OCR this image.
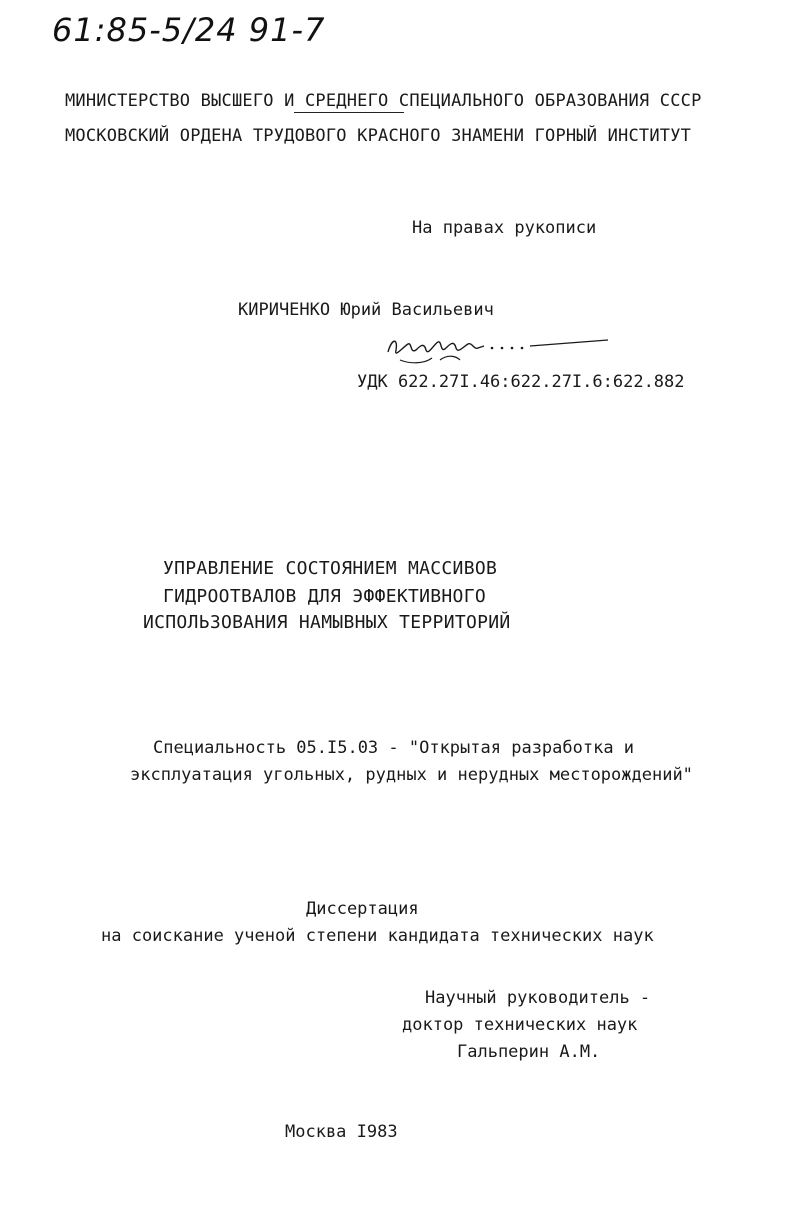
61:85-5/24 91-7
МИНИСТЕРСТВО ВЫСШЕГО И СРЕДНЕГО СПЕЦИАЛЬНОГО ОБРАЗОВАНИЯ СССР
МОСКОВСКИЙ ОРДЕНА ТРУДОВОГО КРАСНОГО ЗНАМЕНИ ГОРНЫЙ ИНСТИТУТ
На правах рукописи
КИРИЧЕНКО Юрий Васильевич
УДК 622.27I.46:622.27I.6:622.882
УПРАВЛЕНИЕ СОСТОЯНИЕМ МАССИВОВ
ГИДРООТВАЛОВ ДЛЯ ЭФФЕКТИВНОГО
ИСПОЛЬЗОВАНИЯ НАМЫВНЫХ ТЕРРИТОРИЙ
Специальность 05.I5.03 - "Открытая разработка и
эксплуатация угольных, рудных и нерудных месторождений"
Диссертация
на соискание ученой степени кандидата технических наук
Научный руководитель -
доктор технических наук
Гальперин А.М.
Москва I983
